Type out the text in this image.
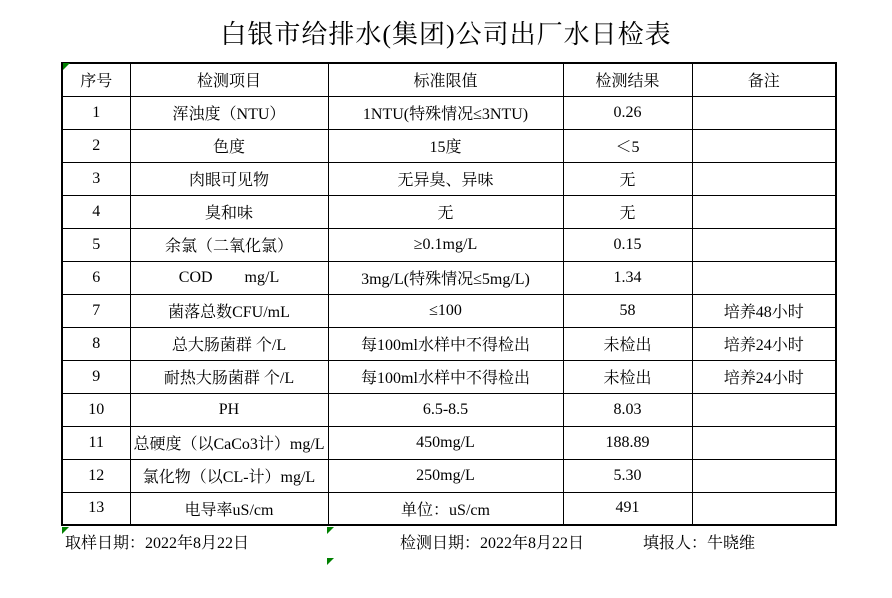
白银市给排水(集团)公司出厂水日检表
序号	检测项目	标准限值	检测结果	备注
1	浑浊度（NTU）	1NTU(特殊情况≤3NTU)	0.26	
2	色度	15度	＜5	
3	肉眼可见物	无异臭、异味	无	
4	臭和味	无	无	
5	余氯（二氧化氯）	≥0.1mg/L	0.15	
6	COD        mg/L	3mg/L(特殊情况≤5mg/L)	1.34	
7	菌落总数CFU/mL	≤100	58	培养48小时
8	总大肠菌群 个/L	每100ml水样中不得检出	未检出	培养24小时
9	耐热大肠菌群 个/L	每100ml水样中不得检出	未检出	培养24小时
10	PH	6.5-8.5	8.03	
11	总硬度（以CaCo3计）mg/L	450mg/L	188.89	
12	氯化物（以CL-计）mg/L	250mg/L	5.30	
13	电导率uS/cm	单位：uS/cm	491	
取样日期：2022年8月22日	检测日期：2022年8月22日	填报人：牛晓维
